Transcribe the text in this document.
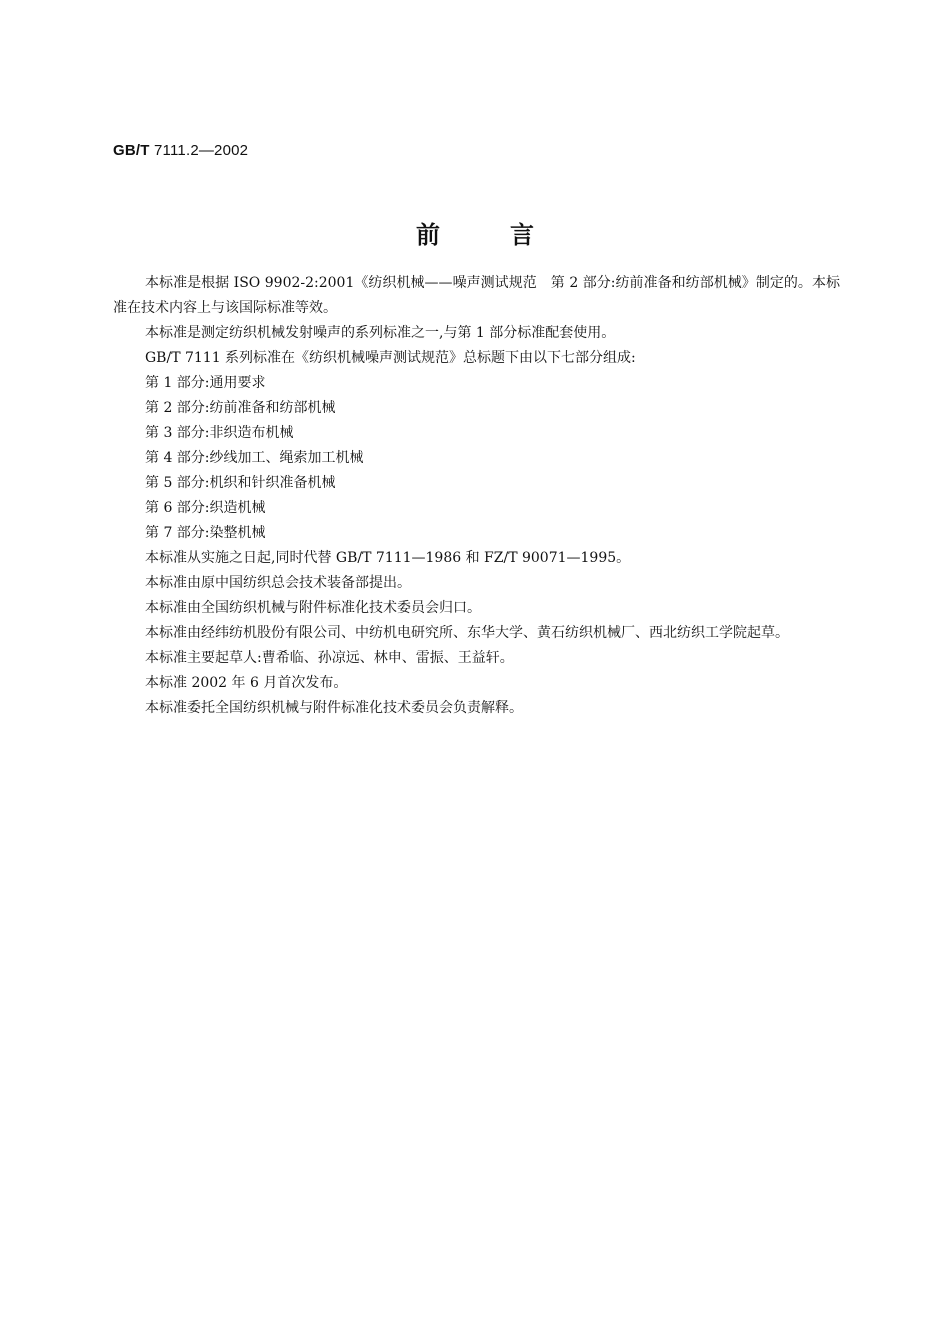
GB/T 7111.2—2002
前言

本标准是根据 ISO 9902-2:2001《纺织机械——噪声测试规范　第 2 部分:纺前准备和纺部机械》制定的。本标准在技术内容上与该国际标准等效。

本标准是测定纺织机械发射噪声的系列标准之一,与第 1 部分标准配套使用。

GB/T 7111 系列标准在《纺织机械噪声测试规范》总标题下由以下七部分组成:

第 1 部分:通用要求

第 2 部分:纺前准备和纺部机械

第 3 部分:非织造布机械

第 4 部分:纱线加工、绳索加工机械

第 5 部分:机织和针织准备机械

第 6 部分:织造机械

第 7 部分:染整机械

本标准从实施之日起,同时代替 GB/T 7111—1986 和 FZ/T 90071—1995。

本标准由原中国纺织总会技术装备部提出。

本标准由全国纺织机械与附件标准化技术委员会归口。

本标准由经纬纺机股份有限公司、中纺机电研究所、东华大学、黄石纺织机械厂、西北纺织工学院起草。

本标准主要起草人:曹希临、孙凉远、林申、雷振、王益轩。

本标准 2002 年 6 月首次发布。

本标准委托全国纺织机械与附件标准化技术委员会负责解释。
